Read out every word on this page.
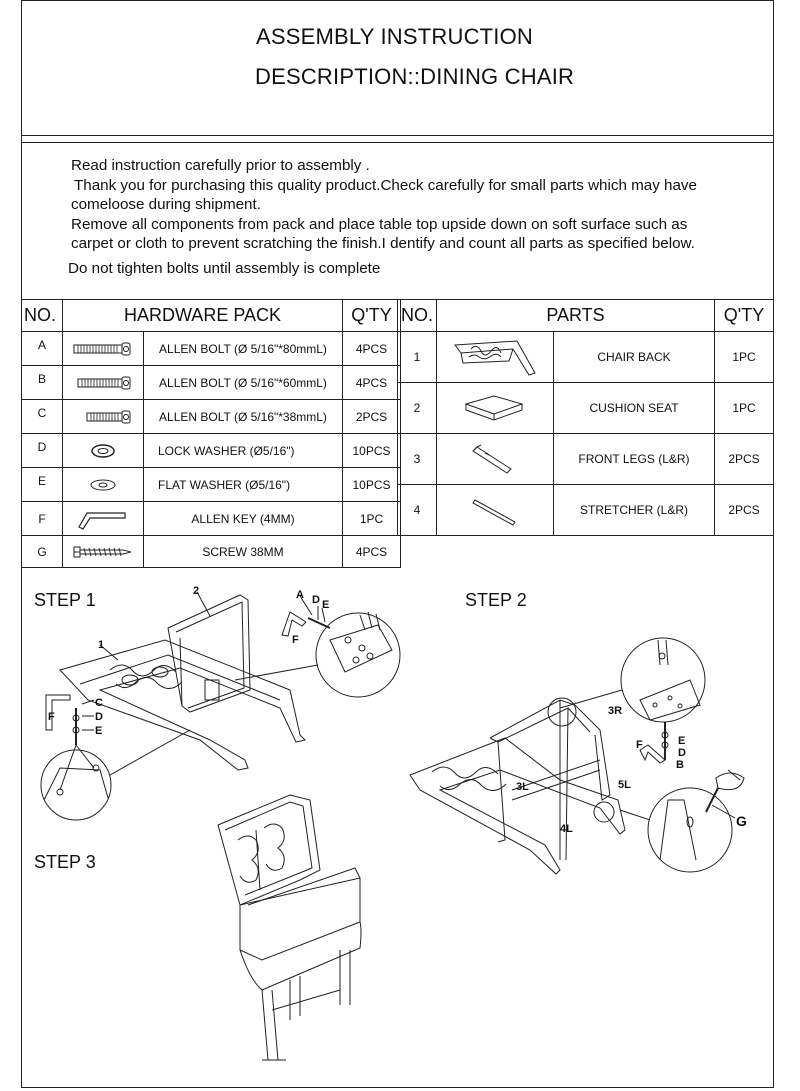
ASSEMBLY INSTRUCTION
DESCRIPTION::DINING CHAIR
Read instruction carefully prior to assembly .
Thank you for purchasing this quality product.Check carefully for small parts which may have
comeloose during shipment.
Remove all components from pack and place table top upside down on soft surface such as
carpet or cloth to prevent scratching the finish.I dentify and count all parts as specified below.
Do not tighten bolts until assembly is complete
NO.	HARDWARE PACK		Q'TY
A		ALLEN BOLT (Ø 5/16"*80mmL)	4PCS
B		ALLEN BOLT (Ø 5/16"*60mmL)	4PCS
C		ALLEN BOLT (Ø 5/16"*38mmL)	2PCS
D		LOCK WASHER (Ø5/16")	10PCS
E		FLAT WASHER (Ø5/16")	10PCS
F		ALLEN KEY (4MM)	1PC
G		SCREW 38MM	4PCS
NO.	PARTS		Q'TY
1		CHAIR BACK	1PC
2		CUSHION SEAT	1PC
3		FRONT LEGS (L&R)	2PCS
4		STRETCHER (L&R)	2PCS
STEP 1	STEP 2
STEP 3
2
1
A D E
F
F
C
D
E
3R
3L	5L
4L
F	E
D
B
G
